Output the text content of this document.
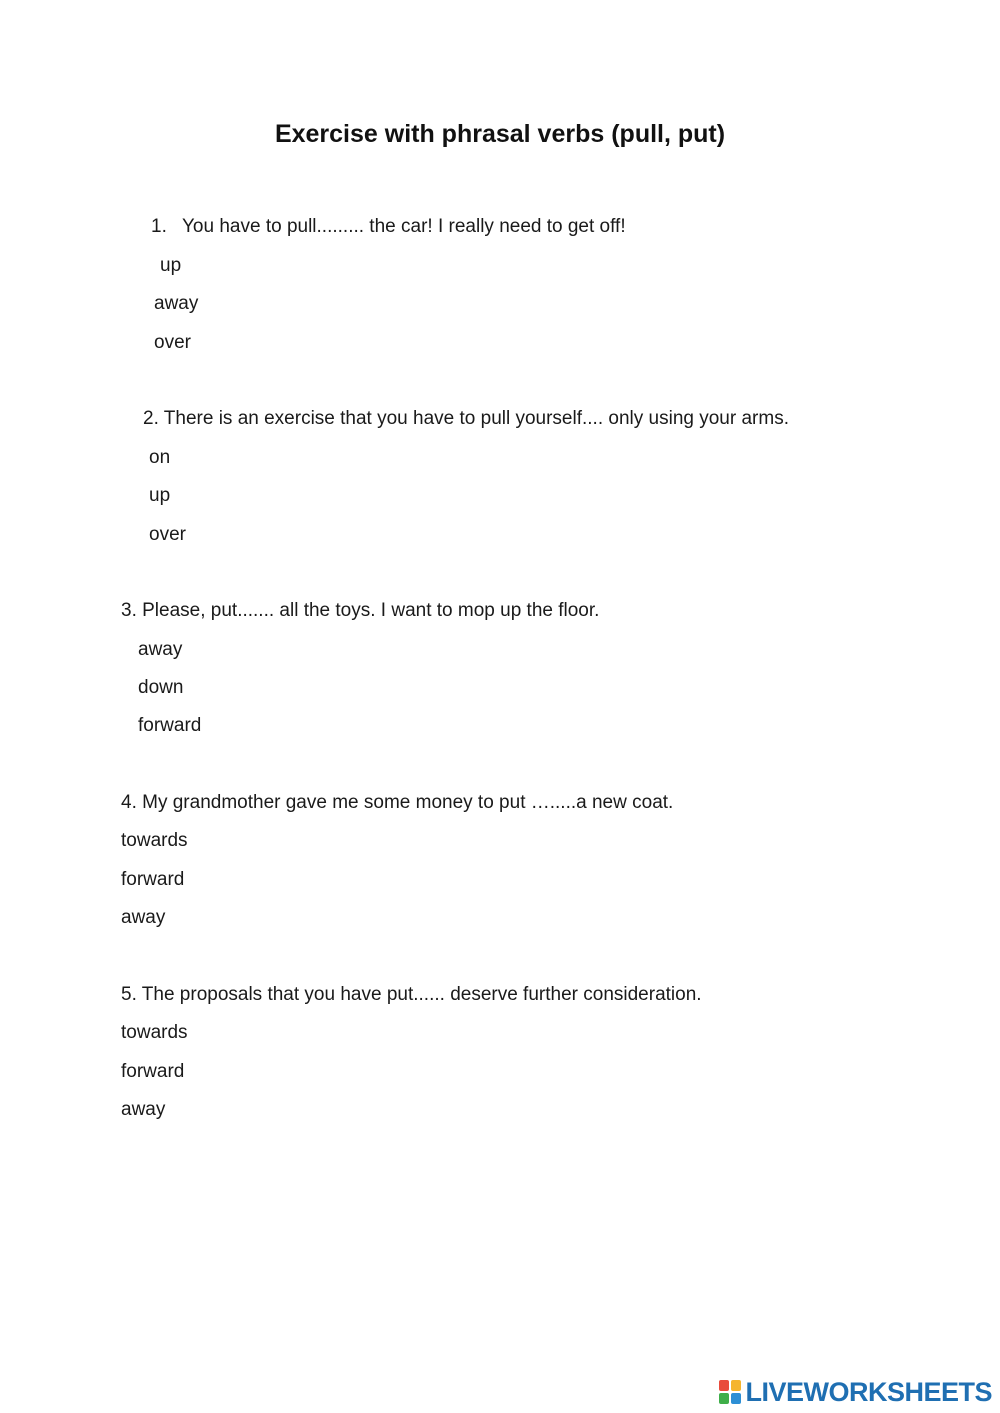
Exercise with phrasal verbs (pull, put)
1. You have to pull......... the car! I really need to get off!
up
away
over
2. There is an exercise that you have to pull yourself.... only using your arms.
on
up
over
3. Please, put....... all the toys. I want to mop up the floor.
away
down
forward
4. My grandmother gave me some money to put ….....a new coat.
towards
forward
away
5. The proposals that you have put...... deserve further consideration.
towards
forward
away
LIVEWORKSHEETS
